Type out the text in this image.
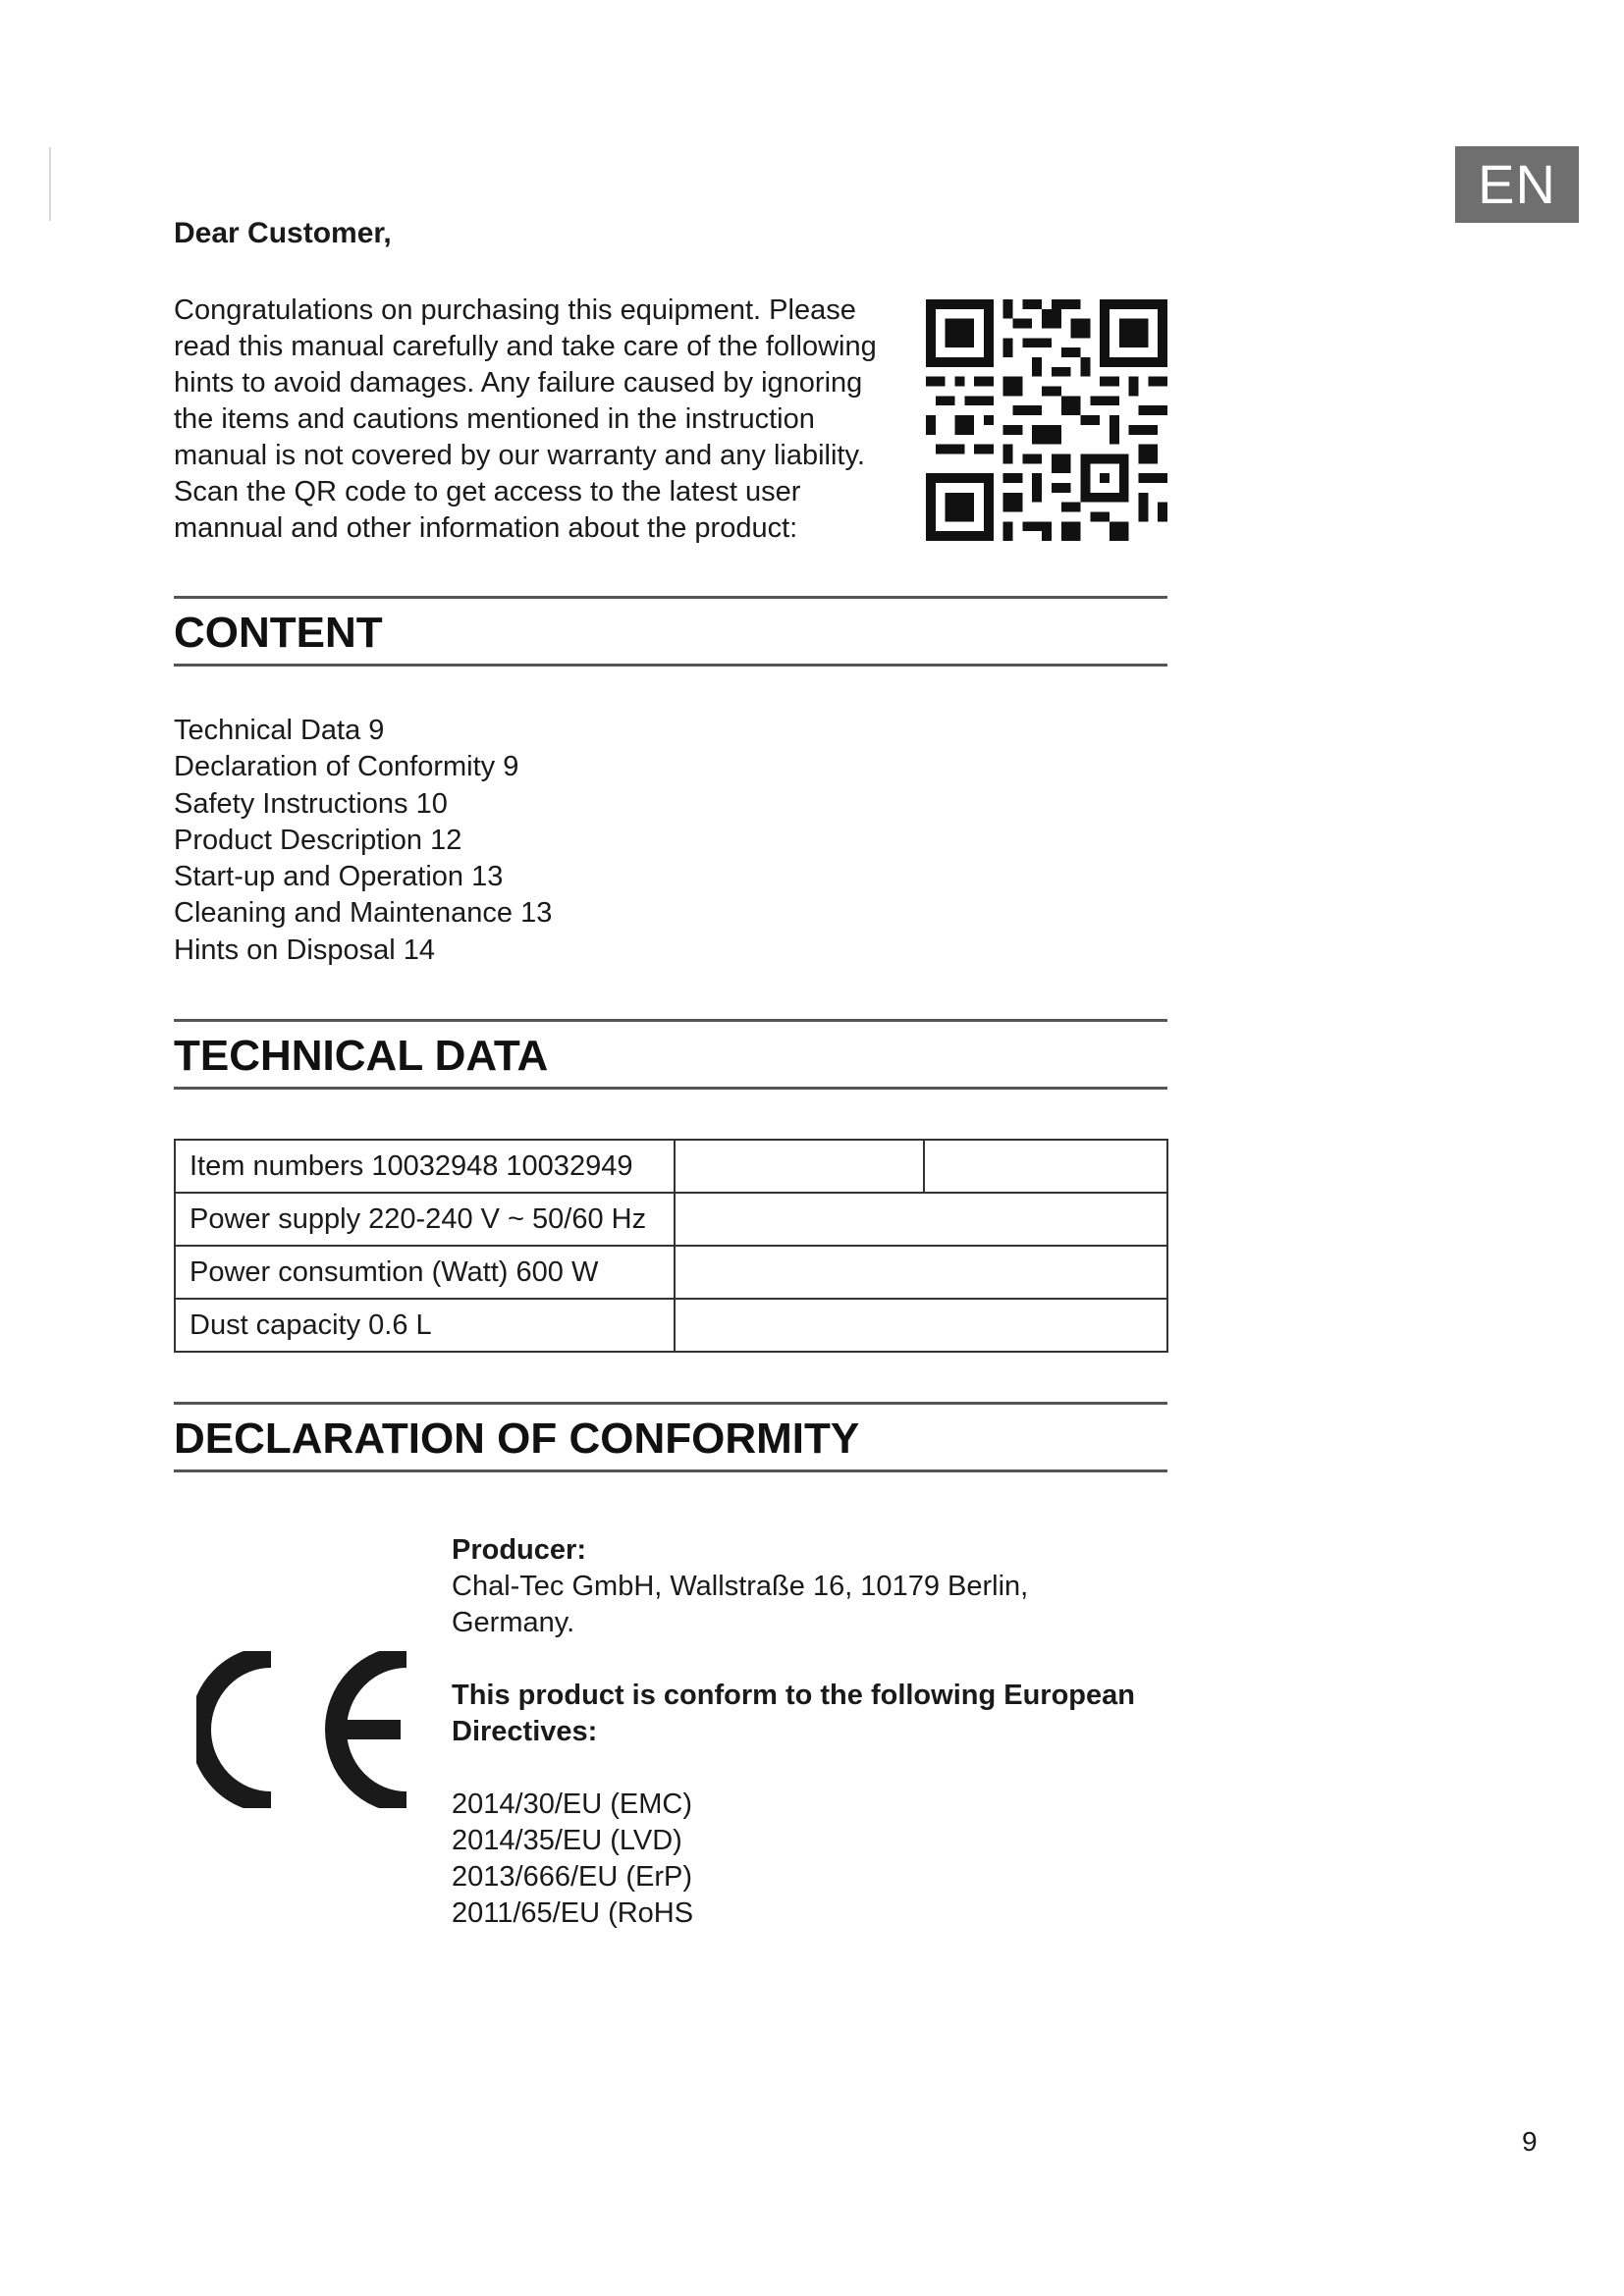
EN
Dear Customer,

Congratulations on purchasing this equipment. Please

read this manual carefully and take care of the following

hints to avoid damages. Any failure caused by ignoring

the items and cautions mentioned in the instruction

manual is not covered by our warranty and any liability.

Scan the QR code to get access to the latest user

mannual and other information about the product:

CONTENT
Technical Data 9
Declaration of Conformity 9
Safety Instructions 10
Product Description 12
Start-up and Operation 13
Cleaning and Maintenance 13
Hints on Disposal 14
TECHNICAL DATA
Item numbers 10032948 10032949		
Power supply 220-240 V ~ 50/60 Hz		
Power consumtion (Watt) 600 W		
Dust capacity 0.6 L		
DECLARATION OF CONFORMITY
Producer:
Chal-Tec GmbH, Wallstraße 16, 10179 Berlin,
Germany.
This product is conform to the following European
Directives:
2014/30/EU (EMC)
2014/35/EU (LVD)
2013/666/EU (ErP)
2011/65/EU (RoHS
9
